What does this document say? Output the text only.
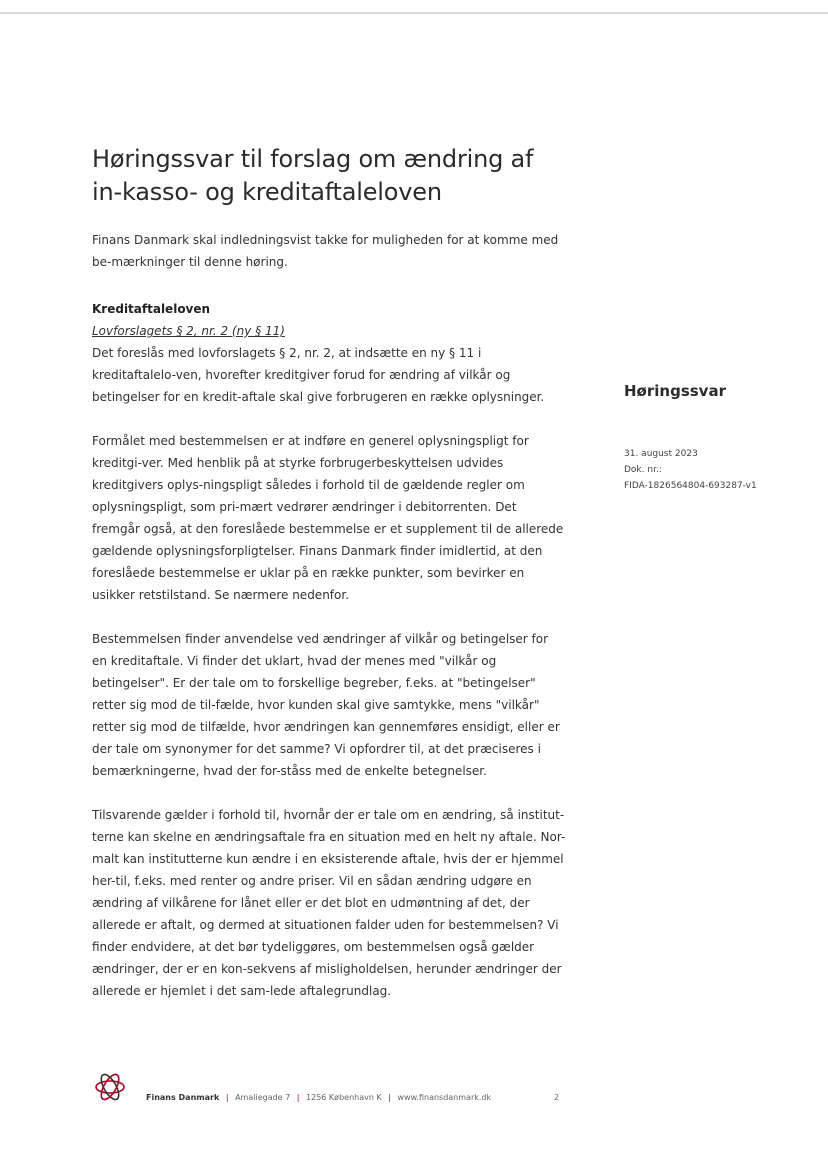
Høringssvar til forslag om ændring af in-kasso- og kreditaftaleloven

Finans Danmark skal indledningsvist takke for muligheden for at komme med be-mærkninger til denne høring.

Kreditaftaleloven

Lovforslagets § 2, nr. 2 (ny § 11)

Det foreslås med lovforslagets § 2, nr. 2, at indsætte en ny § 11 i kreditaftalelo-ven, hvorefter kreditgiver forud for ændring af vilkår og betingelser for en kredit-aftale skal give forbrugeren en række oplysninger.

Formålet med bestemmelsen er at indføre en generel oplysningspligt for kreditgi-ver. Med henblik på at styrke forbrugerbeskyttelsen udvides kreditgivers oplys-ningspligt således i forhold til de gældende regler om oplysningspligt, som pri-mært vedrører ændringer i debitorrenten. Det fremgår også, at den foreslåede bestemmelse er et supplement til de allerede gældende oplysningsforpligtelser. Finans Danmark finder imidlertid, at den foreslåede bestemmelse er uklar på en række punkter, som bevirker en usikker retstilstand. Se nærmere nedenfor.

Bestemmelsen finder anvendelse ved ændringer af vilkår og betingelser for en kreditaftale. Vi finder det uklart, hvad der menes med "vilkår og betingelser". Er der tale om to forskellige begreber, f.eks. at "betingelser" retter sig mod de til-fælde, hvor kunden skal give samtykke, mens "vilkår" retter sig mod de tilfælde, hvor ændringen kan gennemføres ensidigt, eller er der tale om synonymer for det samme? Vi opfordrer til, at det præciseres i bemærkningerne, hvad der for-ståss med de enkelte betegnelser.

Tilsvarende gælder i forhold til, hvornår der er tale om en ændring, så institut-terne kan skelne en ændringsaftale fra en situation med en helt ny aftale. Nor-malt kan institutterne kun ændre i en eksisterende aftale, hvis der er hjemmel her-til, f.eks. med renter og andre priser. Vil en sådan ændring udgøre en ændring af vilkårene for lånet eller er det blot en udmøntning af det, der allerede er aftalt, og dermed at situationen falder uden for bestemmelsen? Vi finder endvidere, at det bør tydeliggøres, om bestemmelsen også gælder ændringer, der er en kon-sekvens af misligholdelsen, herunder ændringer der allerede er hjemlet i det sam-lede aftalegrundlag.

Høringssvar
31. august 2023
Dok. nr.:
FIDA-1826564804-693287-v1
Finans Danmark | Amaliegade 7 | 1256 København K | www.finansdanmark.dk	2
